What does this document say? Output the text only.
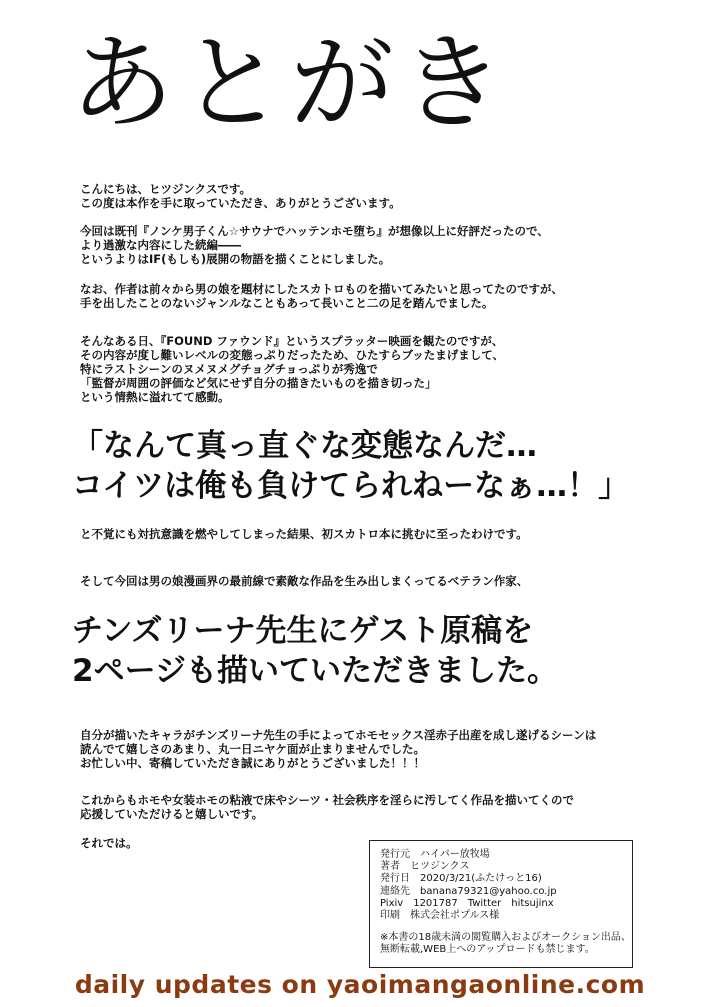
あとがき
こんにちは、ヒツジンクスです。
この度は本作を手に取っていただき、ありがとうございます。
今回は既刊『ノンケ男子くん☆サウナでハッテンホモ堕ち』が想像以上に好評だったので、
より過激な内容にした続編――
というよりはIF(もしも)展開の物語を描くことにしました。
なお、作者は前々から男の娘を題材にしたスカトロものを描いてみたいと思ってたのですが、
手を出したことのないジャンルなこともあって長いこと二の足を踏んでました。
そんなある日、『FOUND ファウンド』というスプラッター映画を観たのですが、
その内容が度し難いレベルの変態っぷりだったため、ひたすらブッたまげまして、
特にラストシーンのヌメヌメグチョグチョっぷりが秀逸で
「監督が周囲の評価など気にせず自分の描きたいものを描き切った」
という情熱に溢れてて感動。
「なんて真っ直ぐな変態なんだ…
コイツは俺も負けてられねーなぁ…！」
と不覚にも対抗意識を燃やしてしまった結果、初スカトロ本に挑むに至ったわけです。
そして今回は男の娘漫画界の最前線で素敵な作品を生み出しまくってるベテラン作家、
チンズリーナ先生にゲスト原稿を
2ページも描いていただきました。
自分が描いたキャラがチンズリーナ先生の手によってホモセックス淫赤子出産を成し遂げるシーンは
読んでて嬉しさのあまり、丸一日ニヤケ面が止まりませんでした。
お忙しい中、寄稿していただき誠にありがとうございました！！！
これからもホモや女装ホモの粘液で床やシーツ・社会秩序を淫らに汚してく作品を描いてくので
応援していただけると嬉しいです。
それでは。
発行元　ハイパー放牧場
著者　ヒツジンクス
発行日　2020/3/21(ふたけっと16)
連絡先　banana79321@yahoo.co.jp
Pixiv　1201787　Twitter　hitsujinx
印刷　株式会社ポプルス様
※本書の18歳未満の閲覧購入およびオークション出品、
無断転載,WEB上へのアップロードも禁じます。
daily updates on yaoimangaonline.com
